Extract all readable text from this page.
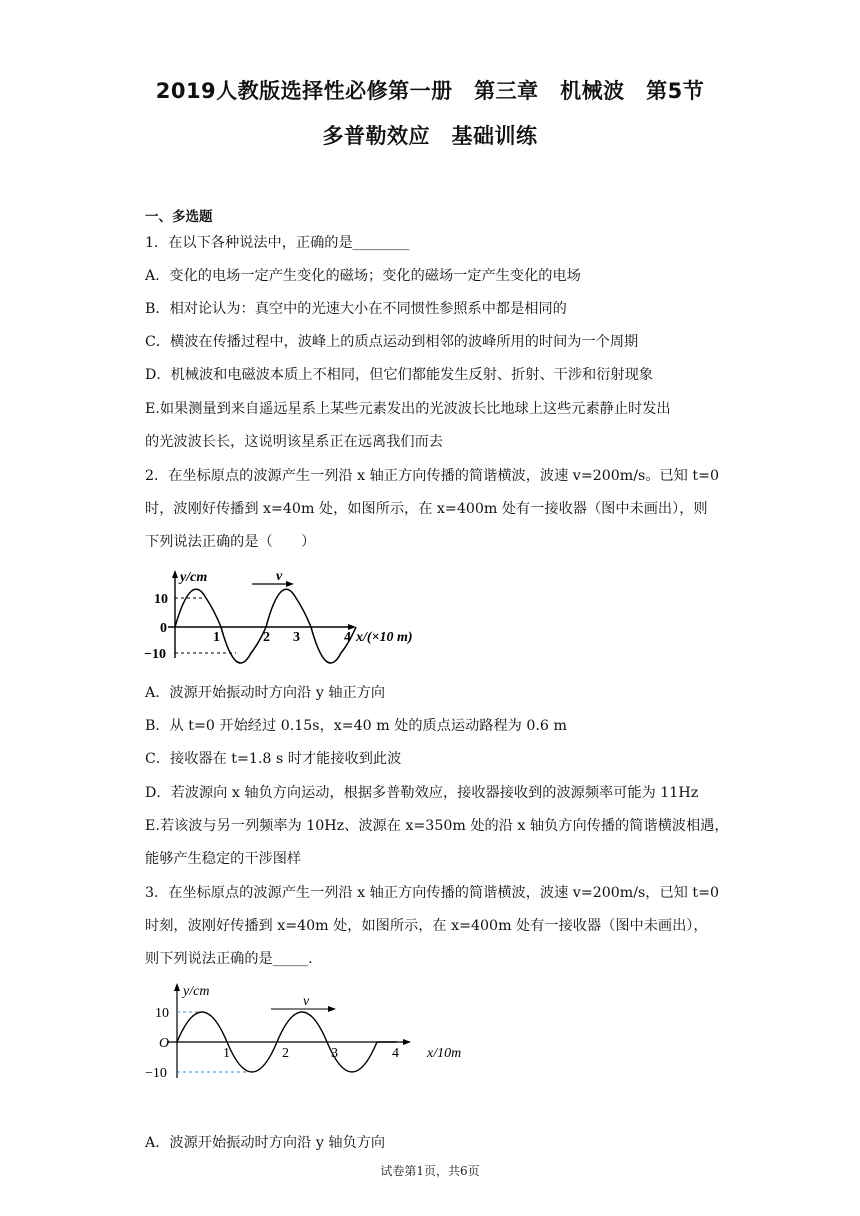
2019人教版选择性必修第一册　第三章　机械波　第5节
多普勒效应　基础训练
一、多选题
1．在以下各种说法中，正确的是________
A．变化的电场一定产生变化的磁场；变化的磁场一定产生变化的电场
B．相对论认为：真空中的光速大小在不同惯性参照系中都是相同的
C．横波在传播过程中，波峰上的质点运动到相邻的波峰所用的时间为一个周期
D．机械波和电磁波本质上不相同，但它们都能发生反射、折射、干涉和衍射现象
E.如果测量到来自遥远星系上某些元素发出的光波波长比地球上这些元素静止时发出
的光波波长长，这说明该星系正在远离我们而去
2．在坐标原点的波源产生一列沿 x 轴正方向传播的简谐横波，波速 v=200m/s。已知 t=0
时，波刚好传播到 x=40m 处，如图所示，在 x=400m 处有一接收器（图中未画出），则
下列说法正确的是（　　）
v
y/cm
10
0
−10
1	2 3	4 x/(×10 m)
A．波源开始振动时方向沿 y 轴正方向
B．从 t=0 开始经过 0.15s，x=40 m 处的质点运动路程为 0.6 m
C．接收器在 t=1.8 s 时才能接收到此波
D．若波源向 x 轴负方向运动，根据多普勒效应，接收器接收到的波源频率可能为 11Hz
E.若该波与另一列频率为 10Hz、波源在 x=350m 处的沿 x 轴负方向传播的简谐横波相遇，
能够产生稳定的干涉图样
3．在坐标原点的波源产生一列沿 x 轴正方向传播的简谐横波，波速 v=200m/s，已知 t=0
时刻，波刚好传播到 x=40m 处，如图所示，在 x=400m 处有一接收器（图中未画出），
则下列说法正确的是_____.
v
y/cm
10
O
−10
1	2	3	4 x/10m
A．波源开始振动时方向沿 y 轴负方向
试卷第1页，共6页
